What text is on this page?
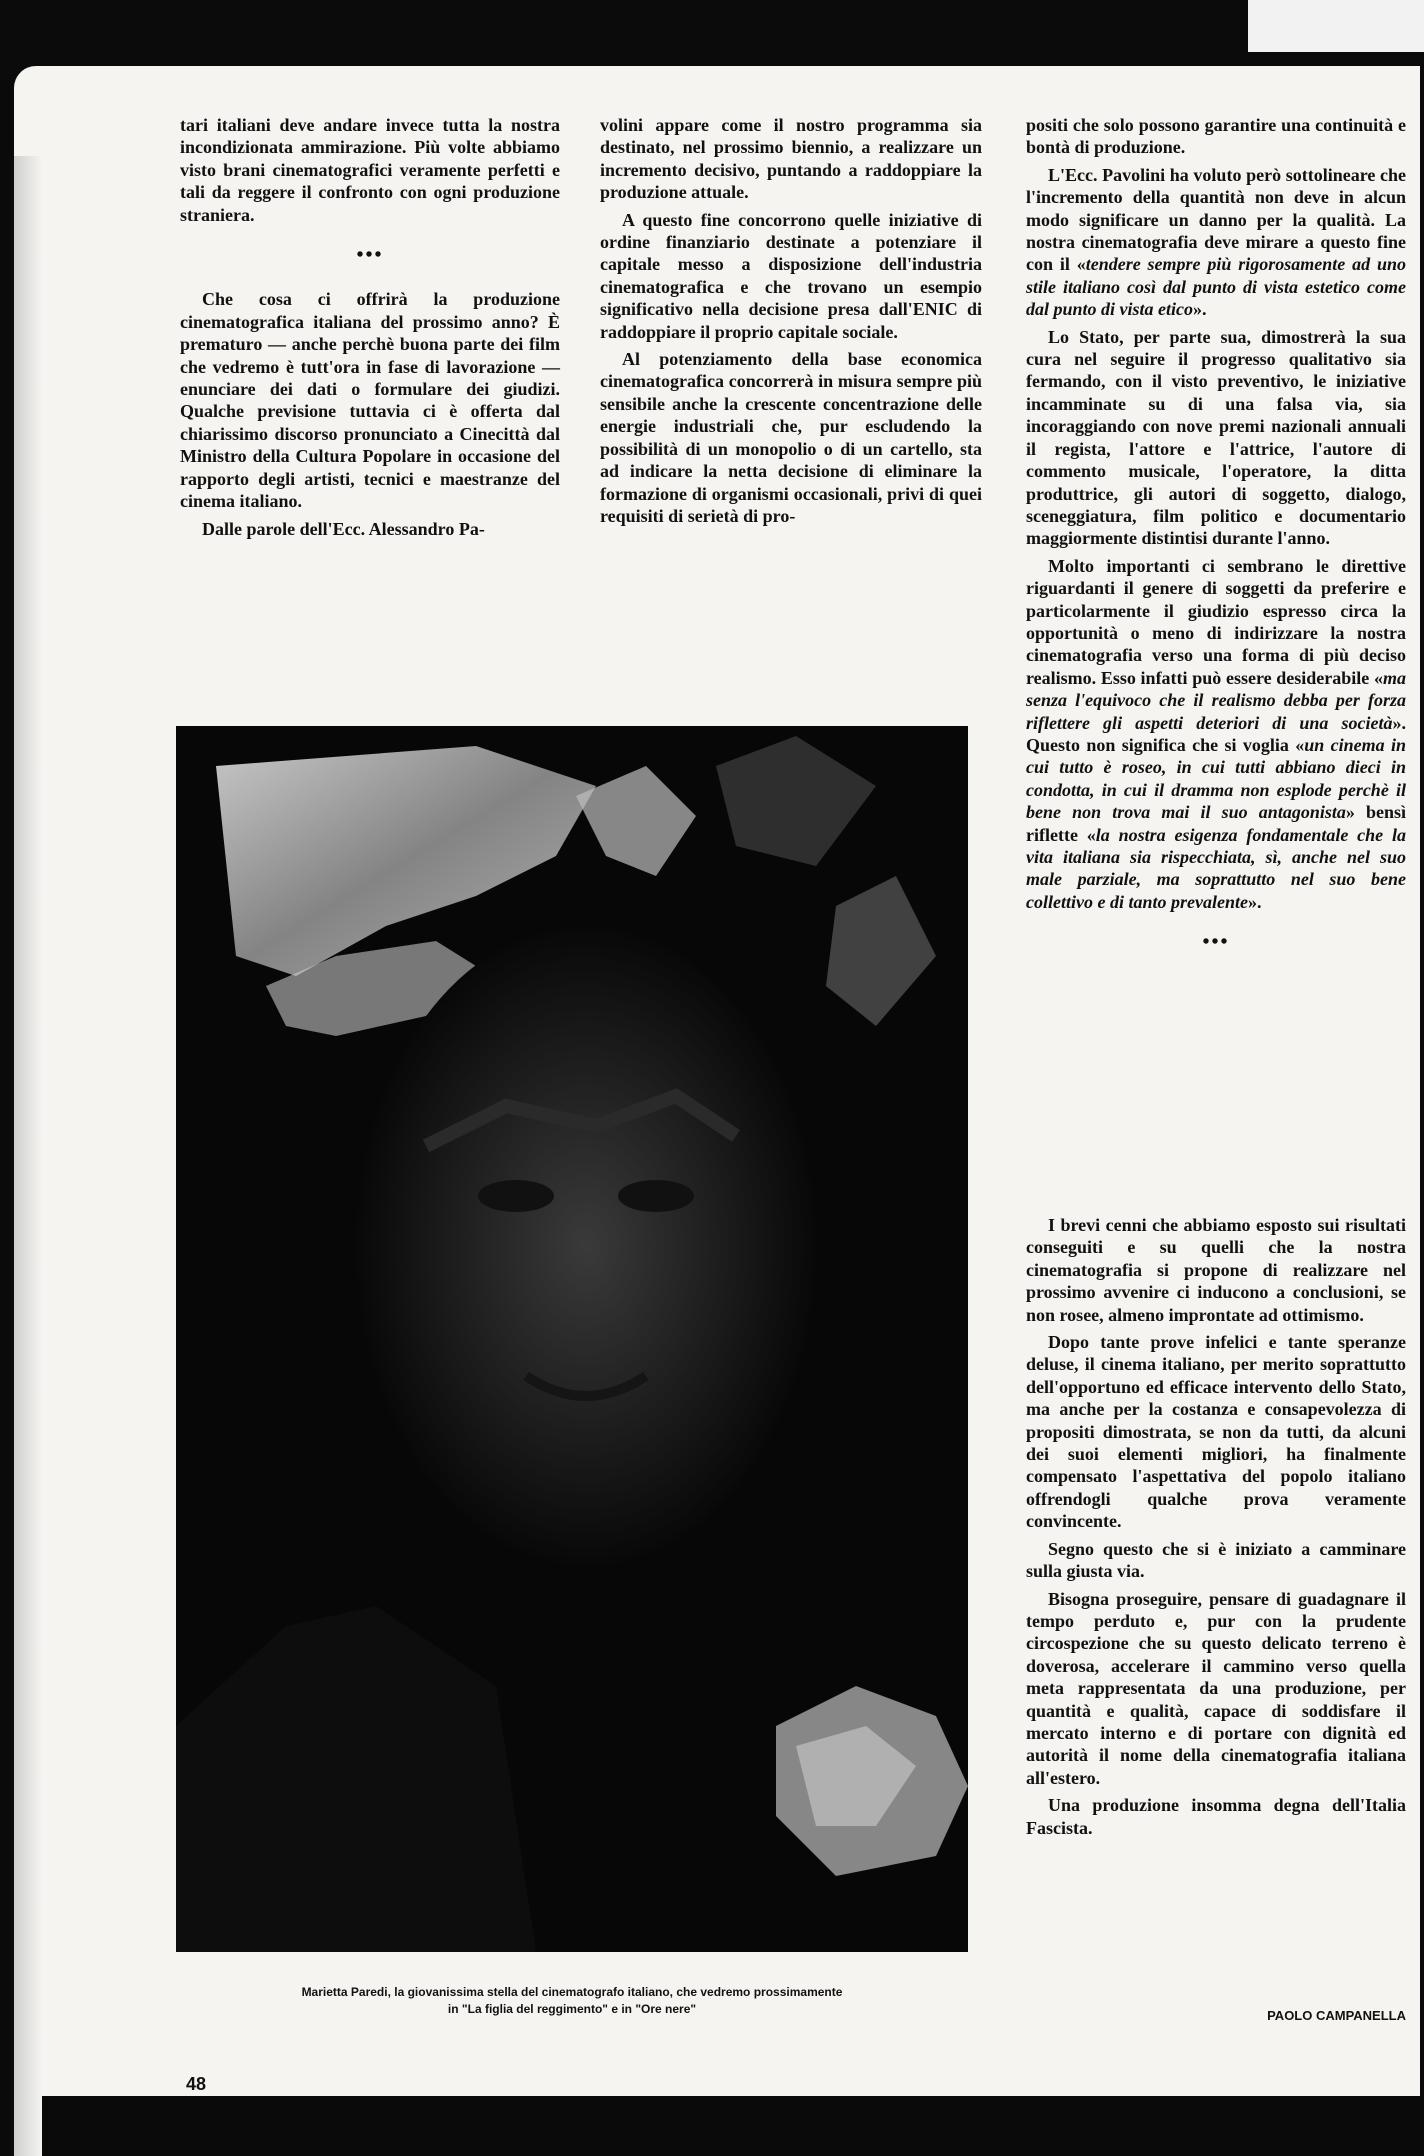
tari italiani deve andare invece tutta la nostra incondizionata ammirazione. Più volte abbiamo visto brani cinematografici veramente perfetti e tali da reggere il confronto con ogni produzione straniera.

•••

Che cosa ci offrirà la produzione cinematografica italiana del prossimo anno? È prematuro — anche perchè buona parte dei film che vedremo è tutt'ora in fase di lavorazione — enunciare dei dati o formulare dei giudizi. Qualche previsione tuttavia ci è offerta dal chiarissimo discorso pronunciato a Cinecittà dal Ministro della Cultura Popolare in occasione del rapporto degli artisti, tecnici e maestranze del cinema italiano.

Dalle parole dell'Ecc. Alessandro Pa-

volini appare come il nostro programma sia destinato, nel prossimo biennio, a realizzare un incremento decisivo, puntando a raddoppiare la produzione attuale.

A questo fine concorrono quelle iniziative di ordine finanziario destinate a potenziare il capitale messo a disposizione dell'industria cinematografica e che trovano un esempio significativo nella decisione presa dall'ENIC di raddoppiare il proprio capitale sociale.

Al potenziamento della base economica cinematografica concorrerà in misura sempre più sensibile anche la crescente concentrazione delle energie industriali che, pur escludendo la possibilità di un monopolio o di un cartello, sta ad indicare la netta decisione di eliminare la formazione di organismi occasionali, privi di quei requisiti di serietà di pro-

positi che solo possono garantire una continuità e bontà di produzione.

L'Ecc. Pavolini ha voluto però sottolineare che l'incremento della quantità non deve in alcun modo significare un danno per la qualità. La nostra cinematografia deve mirare a questo fine con il «tendere sempre più rigorosamente ad uno stile italiano così dal punto di vista estetico come dal punto di vista etico».

Lo Stato, per parte sua, dimostrerà la sua cura nel seguire il progresso qualitativo sia fermando, con il visto preventivo, le iniziative incamminate su di una falsa via, sia incoraggiando con nove premi nazionali annuali il regista, l'attore e l'attrice, l'autore di commento musicale, l'operatore, la ditta produttrice, gli autori di soggetto, dialogo, sceneggiatura, film politico e documentario maggiormente distintisi durante l'anno.

Molto importanti ci sembrano le direttive riguardanti il genere di soggetti da preferire e particolarmente il giudizio espresso circa la opportunità o meno di indirizzare la nostra cinematografia verso una forma di più deciso realismo. Esso infatti può essere desiderabile «ma senza l'equivoco che il realismo debba per forza riflettere gli aspetti deteriori di una società». Questo non significa che si voglia «un cinema in cui tutto è roseo, in cui tutti abbiano dieci in condotta, in cui il dramma non esplode perchè il bene non trova mai il suo antagonista» bensì riflette «la nostra esigenza fondamentale che la vita italiana sia rispecchiata, sì, anche nel suo male parziale, ma soprattutto nel suo bene collettivo e di tanto prevalente».

•••

I brevi cenni che abbiamo esposto sui risultati conseguiti e su quelli che la nostra cinematografia si propone di realizzare nel prossimo avvenire ci inducono a conclusioni, se non rosee, almeno improntate ad ottimismo.

Dopo tante prove infelici e tante speranze deluse, il cinema italiano, per merito soprattutto dell'opportuno ed efficace intervento dello Stato, ma anche per la costanza e consapevolezza di propositi dimostrata, se non da tutti, da alcuni dei suoi elementi migliori, ha finalmente compensato l'aspettativa del popolo italiano offrendogli qualche prova veramente convincente.

Segno questo che si è iniziato a camminare sulla giusta via.

Bisogna proseguire, pensare di guadagnare il tempo perduto e, pur con la prudente circospezione che su questo delicato terreno è doverosa, accelerare il cammino verso quella meta rappresentata da una produzione, per quantità e qualità, capace di soddisfare il mercato interno e di portare con dignità ed autorità il nome della cinematografia italiana all'estero.

Una produzione insomma degna dell'Italia Fascista.

Marietta Paredi, la giovanissima stella del cinematografo italiano, che vedremo prossimamente
in "La figlia del reggimento" e in "Ore nere"	PAOLO CAMPANELLA
48
